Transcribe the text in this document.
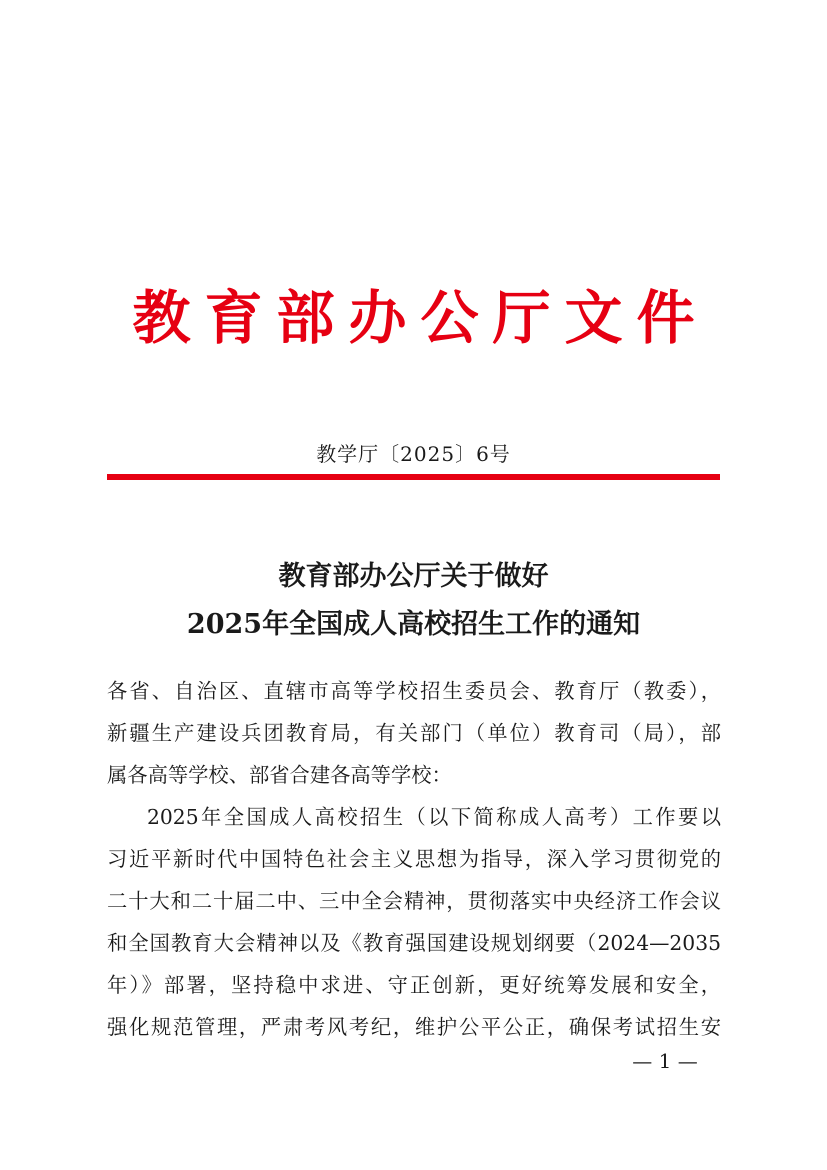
教育部办公厅文件
教学厅〔2025〕6号
教育部办公厅关于做好
2025年全国成人高校招生工作的通知
各省、自治区、直辖市高等学校招生委员会、教育厅（教委），
新疆生产建设兵团教育局，有关部门（单位）教育司（局），部
属各高等学校、部省合建各高等学校：
2025年全国成人高校招生（以下简称成人高考）工作要以
习近平新时代中国特色社会主义思想为指导，深入学习贯彻党的
二十大和二十届二中、三中全会精神，贯彻落实中央经济工作会议
和全国教育大会精神以及《教育强国建设规划纲要（2024—2035
年）》部署，坚持稳中求进、守正创新，更好统筹发展和安全，
强化规范管理，严肃考风考纪，维护公平公正，确保考试招生安
— 1 —
